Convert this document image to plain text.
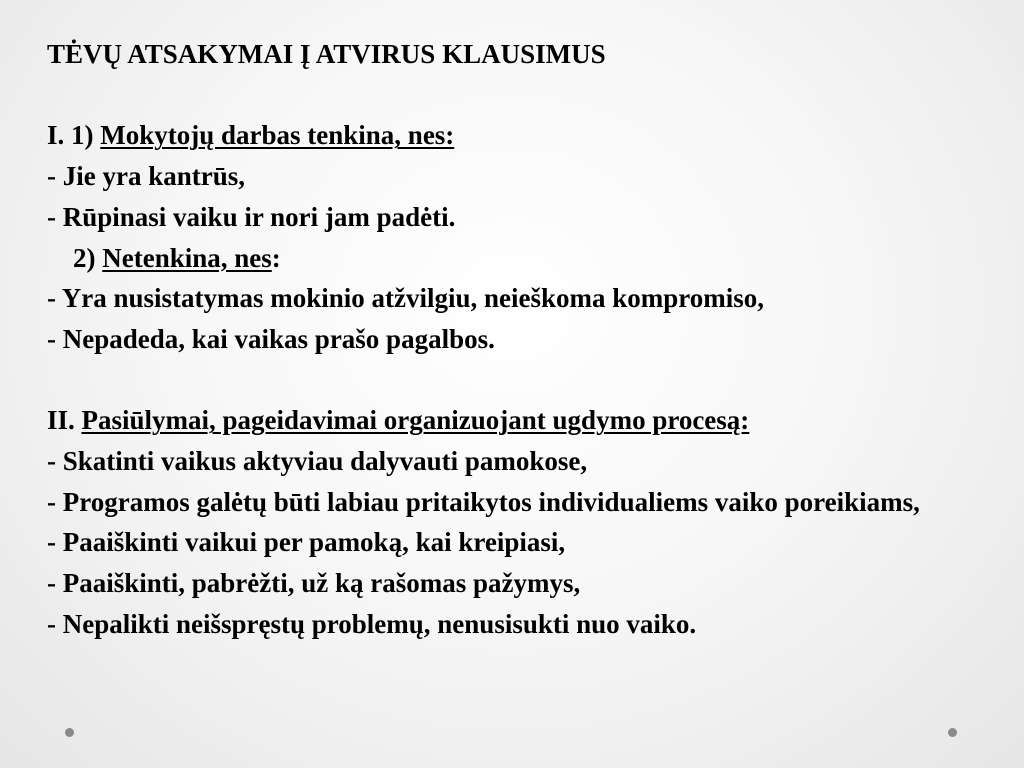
TĖVŲ ATSAKYMAI Į ATVIRUS KLAUSIMUS
I. 1) Mokytojų darbas tenkina, nes:
- Jie yra kantrūs,
- Rūpinasi vaiku ir nori jam padėti.
2) Netenkina, nes:
- Yra nusistatymas mokinio atžvilgiu, neieškoma kompromiso,
- Nepadeda, kai vaikas prašo pagalbos.
II. Pasiūlymai, pageidavimai organizuojant ugdymo procesą:
- Skatinti vaikus aktyviau dalyvauti pamokose,
- Programos galėtų būti labiau pritaikytos individualiems vaiko poreikiams,
- Paaiškinti vaikui per pamoką, kai kreipiasi,
- Paaiškinti, pabrėžti, už ką rašomas pažymys,
- Nepalikti neišspręstų problemų, nenusisukti nuo vaiko.
